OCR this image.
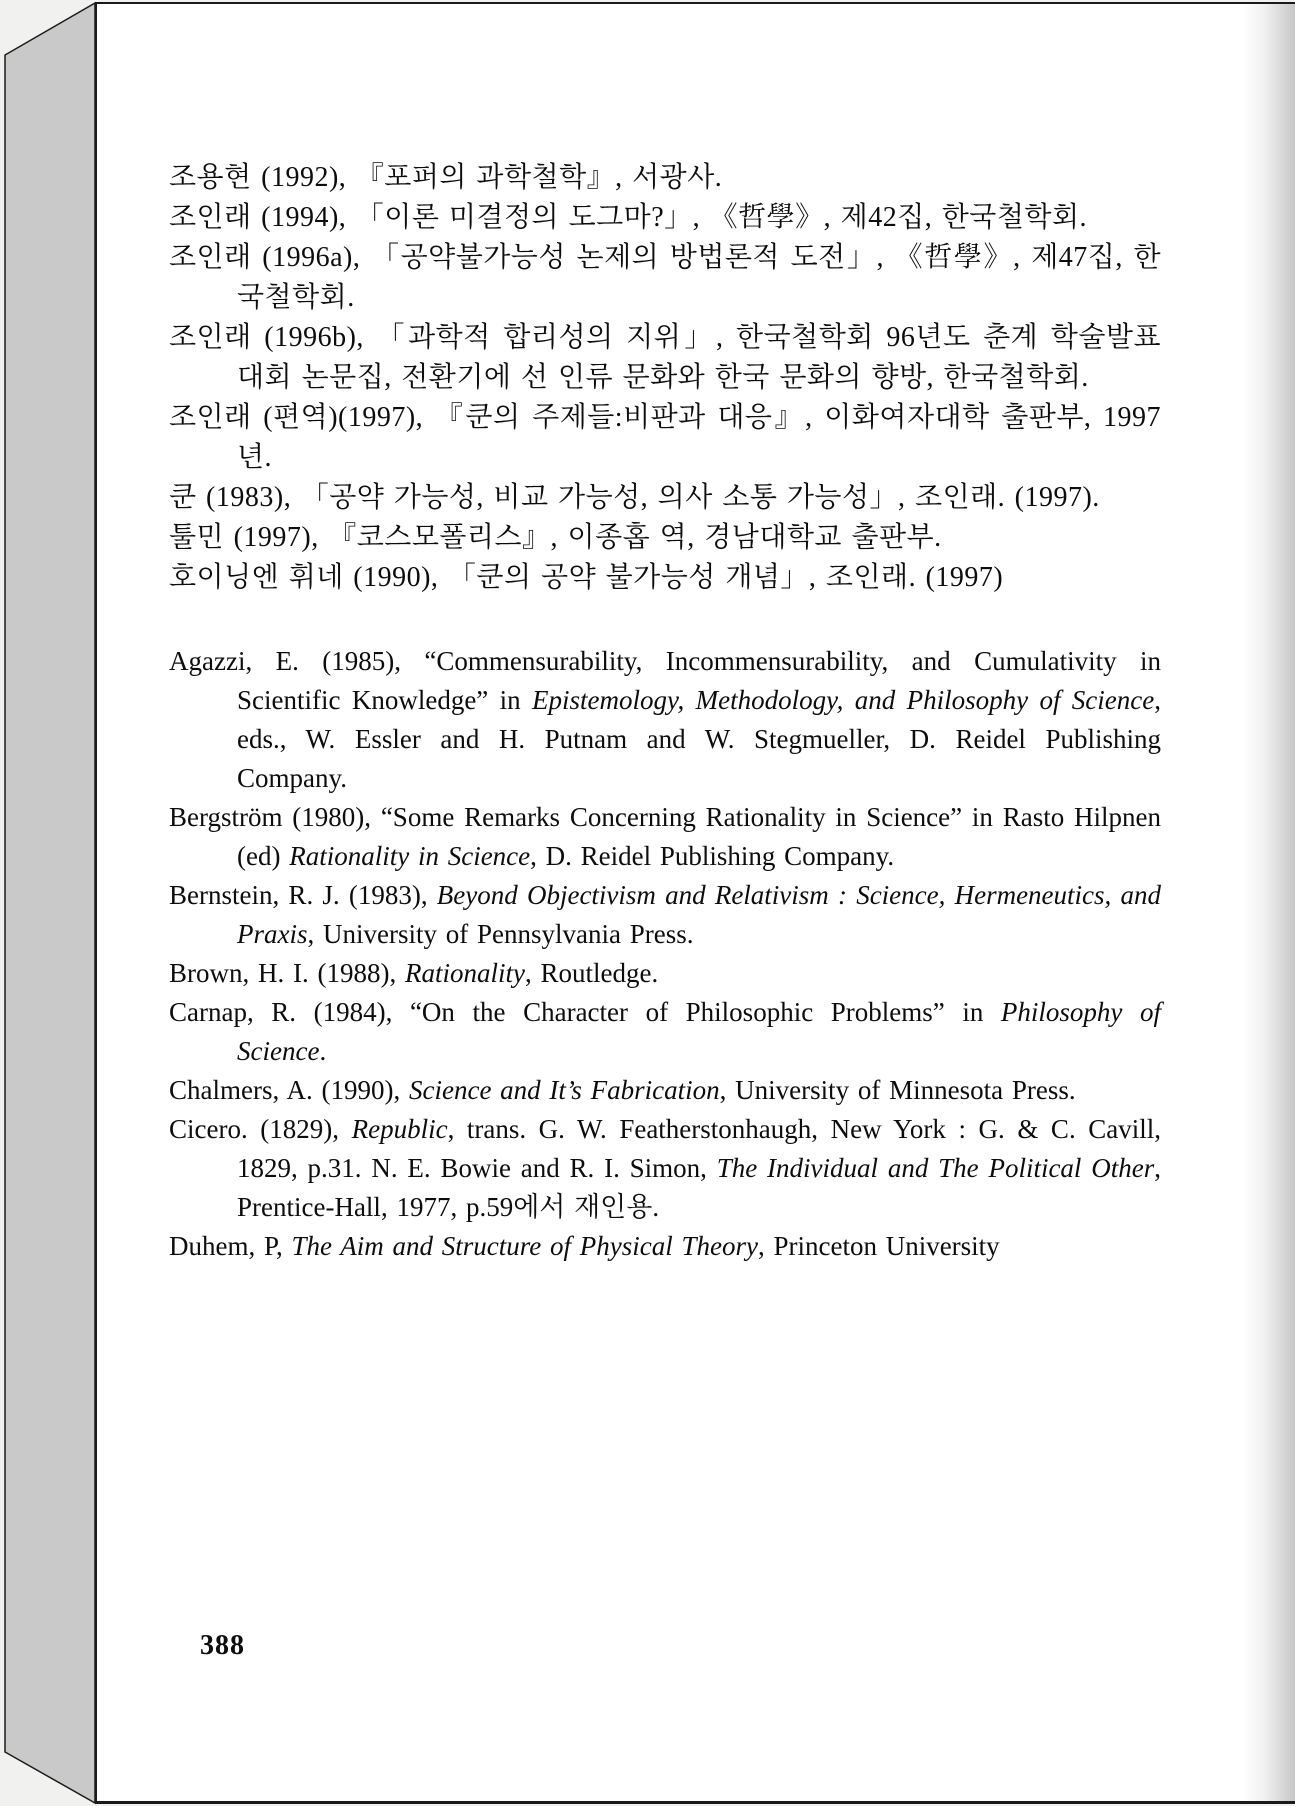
조용현 (1992), 『포퍼의 과학철학』, 서광사.

조인래 (1994), 「이론 미결정의 도그마?」, 《哲學》, 제42집, 한국철학회.

조인래 (1996a), 「공약불가능성 논제의 방법론적 도전」, 《哲學》, 제47집, 한국철학회.

조인래 (1996b), 「과학적 합리성의 지위」, 한국철학회 96년도 춘계 학술발표 대회 논문집, 전환기에 선 인류 문화와 한국 문화의 향방, 한국철학회.

조인래 (편역)(1997), 『쿤의 주제들:비판과 대응』, 이화여자대학 출판부, 1997년.

쿤 (1983), 「공약 가능성, 비교 가능성, 의사 소통 가능성」, 조인래. (1997).

툴민 (1997), 『코스모폴리스』, 이종홉 역, 경남대학교 출판부.

호이닝엔 휘네 (1990), 「쿤의 공약 불가능성 개념」, 조인래. (1997)

Agazzi, E. (1985), “Commensurability, Incommensurability, and Cumulativity in Scientific Knowledge” in Epistemology, Methodology, and Philosophy of Science, eds., W. Essler and H. Putnam and W. Stegmueller, D. Reidel Publishing Company.

Bergström (1980), “Some Remarks Concerning Rationality in Science” in Rasto Hilpnen (ed) Rationality in Science, D. Reidel Publishing Company.

Bernstein, R. J. (1983), Beyond Objectivism and Relativism : Science, Hermeneutics, and Praxis, University of Pennsylvania Press.

Brown, H. I. (1988), Rationality, Routledge.

Carnap, R. (1984), “On the Character of Philosophic Problems” in Philosophy of Science.

Chalmers, A. (1990), Science and It’s Fabrication, University of Minnesota Press.

Cicero. (1829), Republic, trans. G. W. Featherstonhaugh, New York : G. & C. Cavill, 1829, p.31. N. E. Bowie and R. I. Simon, The Individual and The Political Other, Prentice-Hall, 1977, p.59에서 재인용.

Duhem, P, The Aim and Structure of Physical Theory, Princeton University

388
